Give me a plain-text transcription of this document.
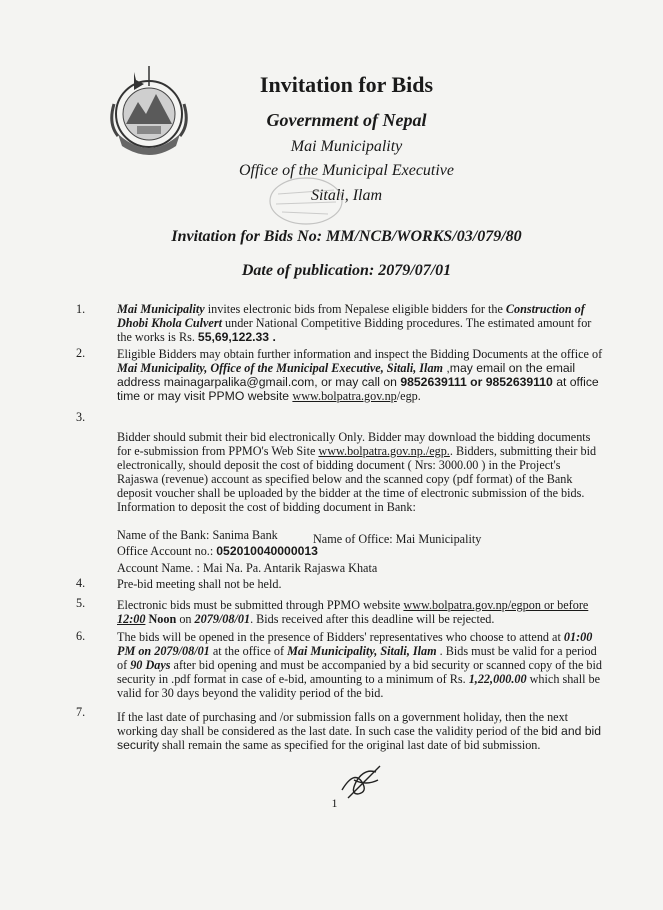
Invitation for Bids
Government of Nepal
Mai Municipality
Office of the Municipal Executive
Sitali, Ilam
Invitation for Bids No: MM/NCB/WORKS/03/079/80
Date of publication: 2079/07/01
1.	Mai Municipality invites electronic bids from Nepalese eligible bidders for the Construction of Dhobi Khola Culvert under National Competitive Bidding procedures. The estimated amount for the works is Rs. 55,69,122.33 .
2.	Eligible Bidders may obtain further information and inspect the Bidding Documents at the office of Mai Municipality, Office of the Municipal Executive, Sitali, Ilam ,may email on the email address mainagarpalika@gmail.com, or may call on 9852639111 or 9852639110 at office time or may visit PPMO website www.bolpatra.gov.np/egp.
3.
Bidder should submit their bid electronically Only. Bidder may download the bidding documents for e-submission from PPMO's Web Site www.bolpatra.gov.np./egp.. Bidders, submitting their bid electronically, should deposit the cost of bidding document ( Nrs: 3000.00 ) in the Project's Rajaswa (revenue) account as specified below and the scanned copy (pdf format) of the Bank deposit voucher shall be uploaded by the bidder at the time of electronic submission of the bids. Information to deposit the cost of bidding document in Bank:
Name of the Bank: Sanima Bank	Name of Office: Mai Municipality
Office Account no.: 052010040000013
Account Name. : Mai Na. Pa. Antarik Rajaswa Khata
4.	Pre-bid meeting shall not be held.
5.	Electronic bids must be submitted through PPMO website www.bolpatra.gov.np/egpon or before 12:00 Noon on 2079/08/01. Bids received after this deadline will be rejected.
6.	The bids will be opened in the presence of Bidders' representatives who choose to attend at 01:00 PM on 2079/08/01 at the office of Mai Municipality, Sitali, Ilam . Bids must be valid for a period of 90 Days after bid opening and must be accompanied by a bid security or scanned copy of the bid security in .pdf format in case of e-bid, amounting to a minimum of Rs. 1,22,000.00 which shall be valid for 30 days beyond the validity period of the bid.
7.	If the last date of purchasing and /or submission falls on a government holiday, then the next working day shall be considered as the last date. In such case the validity period of the bid and bid security shall remain the same as specified for the original last date of bid submission.
1
